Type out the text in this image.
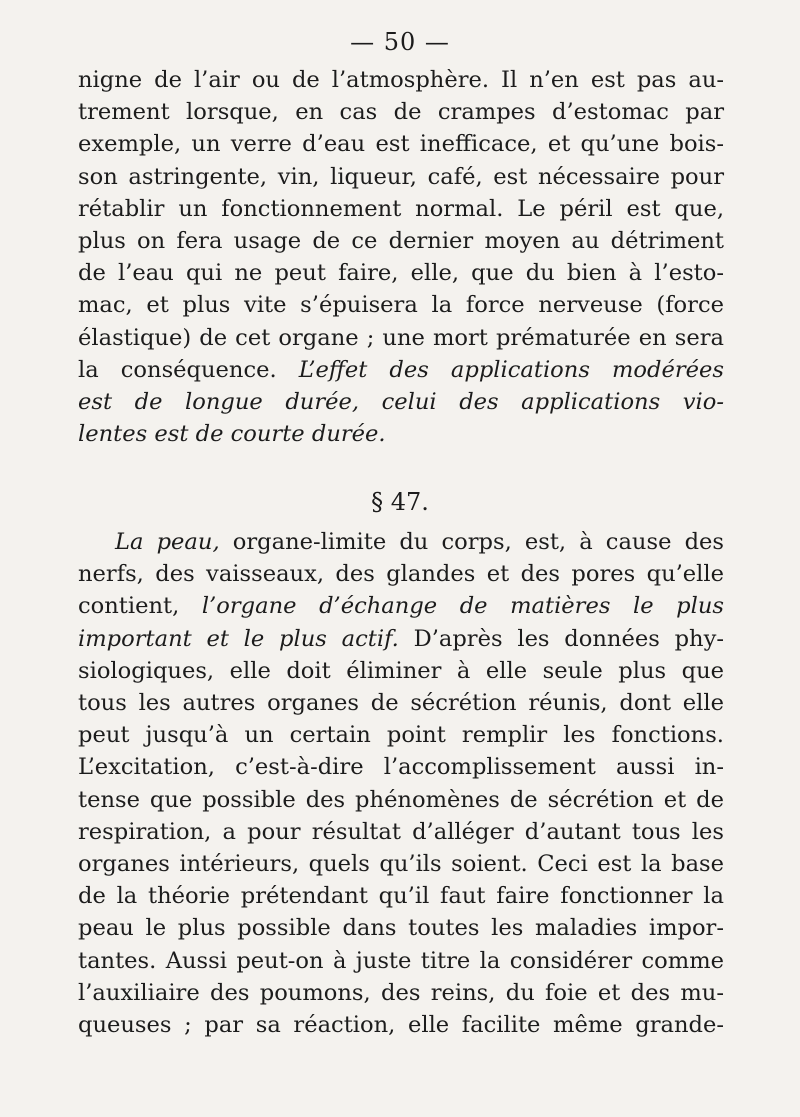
— 50 —
nigne de l’air ou de l’atmosphère. Il n’en est pas au-
trement lorsque, en cas de crampes d’estomac par
exemple, un verre d’eau est inefficace, et qu’une bois-
son astringente, vin, liqueur, café, est nécessaire pour
rétablir un fonctionnement normal. Le péril est que,
plus on fera usage de ce dernier moyen au détriment
de l’eau qui ne peut faire, elle, que du bien à l’esto-
mac, et plus vite s’épuisera la force nerveuse (force
élastique) de cet organe ; une mort prématurée en sera
la conséquence. L’effet des applications modérées
est de longue durée, celui des applications vio-
lentes est de courte durée.
§ 47.
La peau, organe-limite du corps, est, à cause des
nerfs, des vaisseaux, des glandes et des pores qu’elle
contient, l’organe d’échange de matières le plus
important et le plus actif. D’après les données phy-
siologiques, elle doit éliminer à elle seule plus que
tous les autres organes de sécrétion réunis, dont elle
peut jusqu’à un certain point remplir les fonctions.
L’excitation, c’est-à-dire l’accomplissement aussi in-
tense que possible des phénomènes de sécrétion et de
respiration, a pour résultat d’alléger d’autant tous les
organes intérieurs, quels qu’ils soient. Ceci est la base
de la théorie prétendant qu’il faut faire fonctionner la
peau le plus possible dans toutes les maladies impor-
tantes. Aussi peut-on à juste titre la considérer comme
l’auxiliaire des poumons, des reins, du foie et des mu-
queuses ; par sa réaction, elle facilite même grande-
